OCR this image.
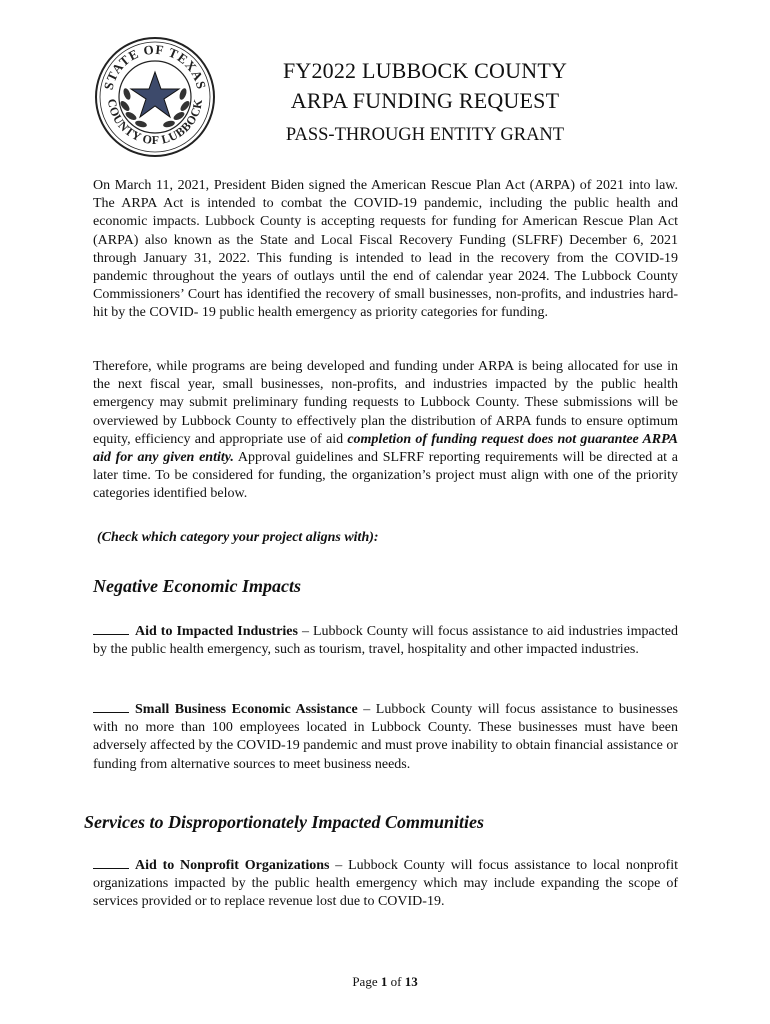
STATE OF TEXAS
COUNTY OF LUBBOCK
FY2022 LUBBOCK COUNTY
ARPA FUNDING REQUEST
PASS-THROUGH ENTITY GRANT
On March 11, 2021, President Biden signed the American Rescue Plan Act (ARPA) of 2021 into law. The ARPA Act is intended to combat the COVID-19 pandemic, including the public health and economic impacts. Lubbock County is accepting requests for funding for American Rescue Plan Act (ARPA) also known as the State and Local Fiscal Recovery Funding (SLFRF) December 6, 2021 through January 31, 2022. This funding is intended to lead in the recovery from the COVID-19 pandemic throughout the years of outlays until the end of calendar year 2024. The Lubbock County Commissioners’ Court has identified the recovery of small businesses, non-profits, and industries hard-hit by the COVID- 19 public health emergency as priority categories for funding.
Therefore, while programs are being developed and funding under ARPA is being allocated for use in the next fiscal year, small businesses, non-profits, and industries impacted by the public health emergency may submit preliminary funding requests to Lubbock County. These submissions will be overviewed by Lubbock County to effectively plan the distribution of ARPA funds to ensure optimum equity, efficiency and appropriate use of aid completion of funding request does not guarantee ARPA aid for any given entity. Approval guidelines and SLFRF reporting requirements will be directed at a later time. To be considered for funding, the organization’s project must align with one of the priority categories identified below.
(Check which category your project aligns with):
Negative Economic Impacts
Aid to Impacted Industries – Lubbock County will focus assistance to aid industries impacted by the public health emergency, such as tourism, travel, hospitality and other impacted industries.
Small Business Economic Assistance – Lubbock County will focus assistance to businesses with no more than 100 employees located in Lubbock County. These businesses must have been adversely affected by the COVID-19 pandemic and must prove inability to obtain financial assistance or funding from alternative sources to meet business needs.
Services to Disproportionately Impacted Communities
Aid to Nonprofit Organizations – Lubbock County will focus assistance to local nonprofit organizations impacted by the public health emergency which may include expanding the scope of services provided or to replace revenue lost due to COVID-19.
Page 1 of 13
